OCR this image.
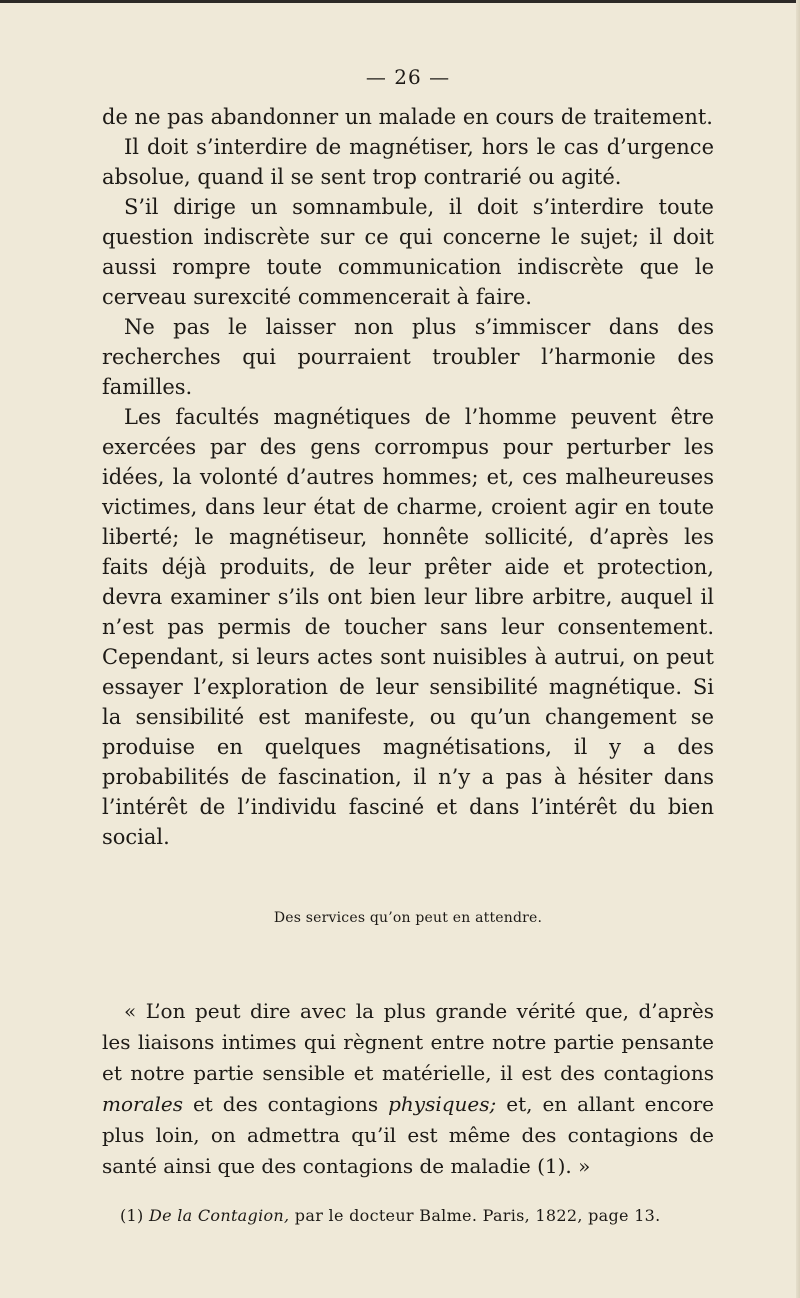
— 26 —

de ne pas abandonner un malade en cours de traitement.

Il doit s’interdire de magnétiser, hors le cas d’urgence absolue, quand il se sent trop contrarié ou agité.

S’il dirige un somnambule, il doit s’interdire toute question indiscrète sur ce qui concerne le sujet; il doit aussi rompre toute communication indiscrète que le cerveau surexcité commencerait à faire.

Ne pas le laisser non plus s’immiscer dans des recherches qui pourraient troubler l’harmonie des familles.

Les facultés magnétiques de l’homme peuvent être exercées par des gens corrompus pour perturber les idées, la volonté d’autres hommes; et, ces malheureuses victimes, dans leur état de charme, croient agir en toute liberté; le magnétiseur, honnête sollicité, d’après les faits déjà produits, de leur prêter aide et protection, devra examiner s’ils ont bien leur libre arbitre, auquel il n’est pas permis de toucher sans leur consentement. Cependant, si leurs actes sont nuisibles à autrui, on peut essayer l’exploration de leur sensibilité magnétique. Si la sensibilité est manifeste, ou qu’un changement se produise en quelques magnétisations, il y a des probabilités de fascination, il n’y a pas à hésiter dans l’intérêt de l’individu fasciné et dans l’intérêt du bien social.

Des services qu’on peut en attendre.

« L’on peut dire avec la plus grande vérité que, d’après les liaisons intimes qui règnent entre notre partie pensante et notre partie sensible et matérielle, il est des contagions morales et des contagions physiques; et, en allant encore plus loin, on admettra qu’il est même des contagions de santé ainsi que des contagions de maladie (1). »

(1) De la Contagion, par le docteur Balme. Paris, 1822, page 13.
